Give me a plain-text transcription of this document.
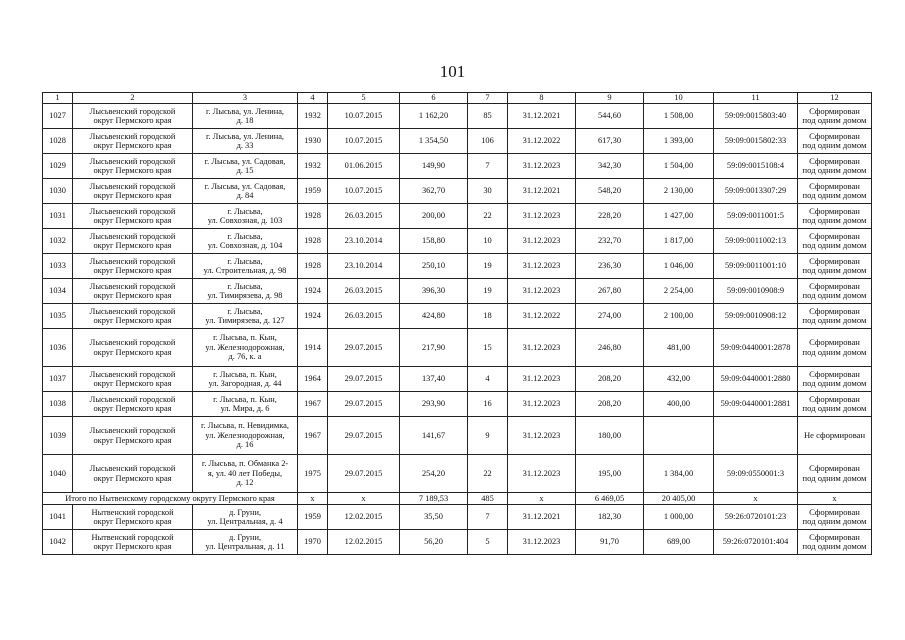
101
1	2	3	4	5	6	7	8	9	10	11	12
1027	Лысьвенский городской
округ Пермского края	г. Лысьва, ул. Ленина,
д. 18	1932	10.07.2015	1 162,20	85	31.12.2021	544,60	1 508,00	59:09:0015803:40	Сформирован
под одним домом
1028	Лысьвенский городской
округ Пермского края	г. Лысьва, ул. Ленина,
д. 33	1930	10.07.2015	1 354,50	106	31.12.2022	617,30	1 393,00	59:09:0015802:33	Сформирован
под одним домом
1029	Лысьвенский городской
округ Пермского края	г. Лысьва, ул. Садовая,
д. 15	1932	01.06.2015	149,90	7	31.12.2023	342,30	1 504,00	59:09:0015108:4	Сформирован
под одним домом
1030	Лысьвенский городской
округ Пермского края	г. Лысьва, ул. Садовая,
д. 84	1959	10.07.2015	362,70	30	31.12.2021	548,20	2 130,00	59:09:0013307:29	Сформирован
под одним домом
1031	Лысьвенский городской
округ Пермского края	г. Лысьва,
ул. Совхозная, д. 103	1928	26.03.2015	200,00	22	31.12.2023	228,20	1 427,00	59:09:0011001:5	Сформирован
под одним домом
1032	Лысьвенский городской
округ Пермского края	г. Лысьва,
ул. Совхозная, д. 104	1928	23.10.2014	158,80	10	31.12.2023	232,70	1 817,00	59:09:0011002:13	Сформирован
под одним домом
1033	Лысьвенский городской
округ Пермского края	г. Лысьва,
ул. Строительная, д. 98	1928	23.10.2014	250,10	19	31.12.2023	236,30	1 046,00	59:09:0011001:10	Сформирован
под одним домом
1034	Лысьвенский городской
округ Пермского края	г. Лысьва,
ул. Тимирязева, д. 98	1924	26.03.2015	396,30	19	31.12.2023	267,80	2 254,00	59:09:0010908:9	Сформирован
под одним домом
1035	Лысьвенский городской
округ Пермского края	г. Лысьва,
ул. Тимирязева, д. 127	1924	26.03.2015	424,80	18	31.12.2022	274,00	2 100,00	59:09:0010908:12	Сформирован
под одним домом
1036	Лысьвенский городской
округ Пермского края	г. Лысьва, п. Кын,
ул. Железнодорожная,
д. 76, к. а	1914	29.07.2015	217,90	15	31.12.2023	246,80	481,00	59:09:0440001:2878	Сформирован
под одним домом
1037	Лысьвенский городской
округ Пермского края	г. Лысьва, п. Кын,
ул. Загородная, д. 44	1964	29.07.2015	137,40	4	31.12.2023	208,20	432,00	59:09:0440001:2880	Сформирован
под одним домом
1038	Лысьвенский городской
округ Пермского края	г. Лысьва, п. Кын,
ул. Мира, д. 6	1967	29.07.2015	293,90	16	31.12.2023	208,20	400,00	59:09:0440001:2881	Сформирован
под одним домом
1039	Лысьвенский городской
округ Пермского края	г. Лысьва, п. Невидимка,
ул. Железнодорожная,
д. 16	1967	29.07.2015	141,67	9	31.12.2023	180,00			Не сформирован
1040	Лысьвенский городской
округ Пермского края	г. Лысьва, п. Обманка 2-
я, ул. 40 лет Победы,
д. 12	1975	29.07.2015	254,20	22	31.12.2023	195,00	1 384,00	59:09:0550001:3	Сформирован
под одним домом
Итого по Нытвенскому городскому округу Пермского края			х	х	7 189,53	485	х	6 469,05	20 405,00	х	х
1041	Нытвенский городской
округ Пермского края	д. Груни,
ул. Центральная, д. 4	1959	12.02.2015	35,50	7	31.12.2021	182,30	1 000,00	59:26:0720101:23	Сформирован
под одним домом
1042	Нытвенский городской
округ Пермского края	д. Груни,
ул. Центральная, д. 11	1970	12.02.2015	56,20	5	31.12.2023	91,70	689,00	59:26:0720101:404	Сформирован
под одним домом
